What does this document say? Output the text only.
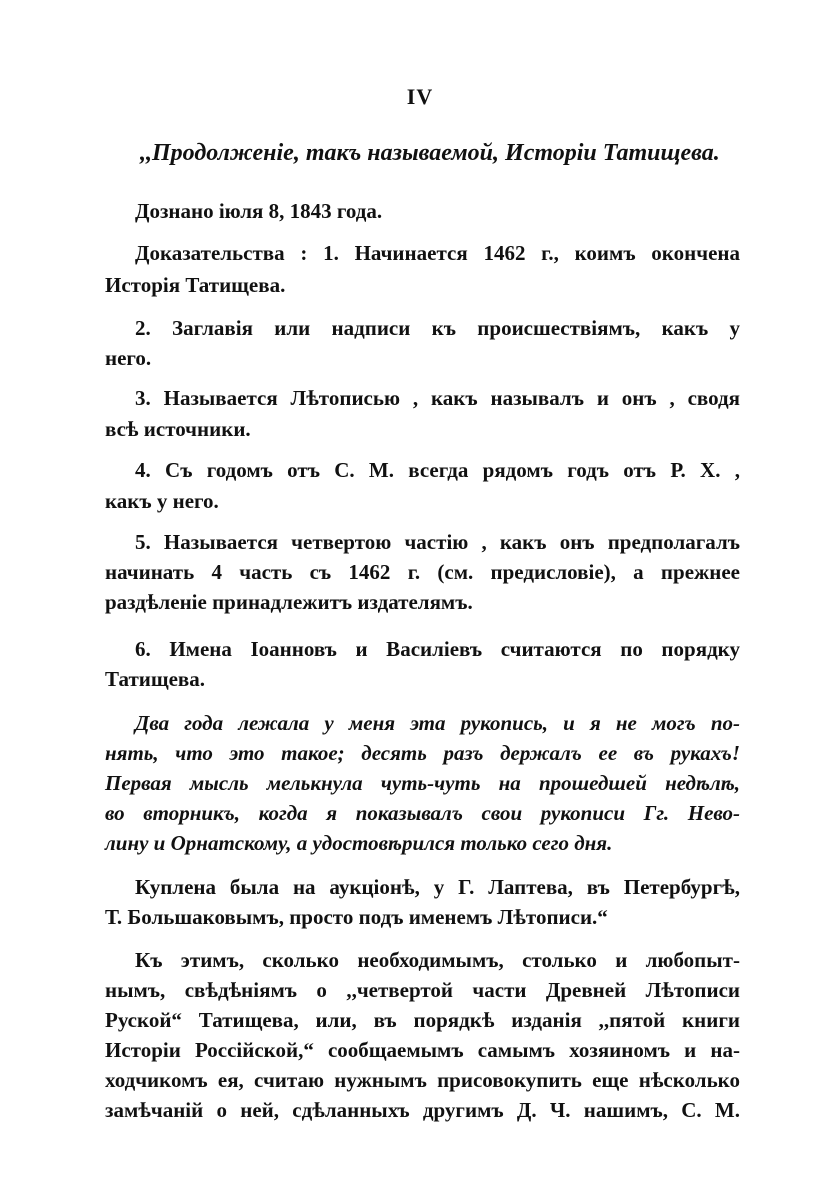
IV
,,Продолженіе, такъ называемой, Исторіи Татищева.
Дознано іюля 8, 1843 года.
Доказательства : 1. Начинается 1462 г., коимъ окончена
Исторія Татищева.
2. Заглавія или надписи къ происшествіямъ, какъ у
него.
3. Называется Лѣтописью , какъ называлъ и онъ , сводя
всѣ источники.
4. Съ годомъ отъ С. М. всегда рядомъ годъ отъ Р. Х. ,
какъ у него.
5. Называется четвертою частію , какъ онъ предполагалъ
начинать 4 часть съ 1462 г. (см. предисловіе), а прежнее
раздѣленіе принадлежитъ издателямъ.
6. Имена Іоанновъ и Василіевъ считаются по порядку
Татищева.
Два года лежала у меня эта рукопись, и я не могъ по-
нять, что это такое; десять разъ держалъ ее въ рукахъ!
Первая мысль мелькнула чуть-чуть на прошедшей недѣлѣ,
во вторникъ, когда я показывалъ свои рукописи Гг. Нево-
лину и Орнатскому, а удостовѣрился только сего дня.
Куплена была на аукціонѣ, у Г. Лаптева, въ Петербургѣ,
Т. Большаковымъ, просто подъ именемъ Лѣтописи.“
Къ этимъ, сколько необходимымъ, столько и любопыт-
нымъ, свѣдѣніямъ о ,,четвертой части Древней Лѣтописи
Руской“ Татищева, или, въ порядкѣ изданія ,,пятой книги
Исторіи Россійской,“ сообщаемымъ самымъ хозяиномъ и на-
ходчикомъ ея, считаю нужнымъ присовокупить еще нѣсколько
замѣчаній о ней, сдѣланныхъ другимъ Д. Ч. нашимъ, С. М.
